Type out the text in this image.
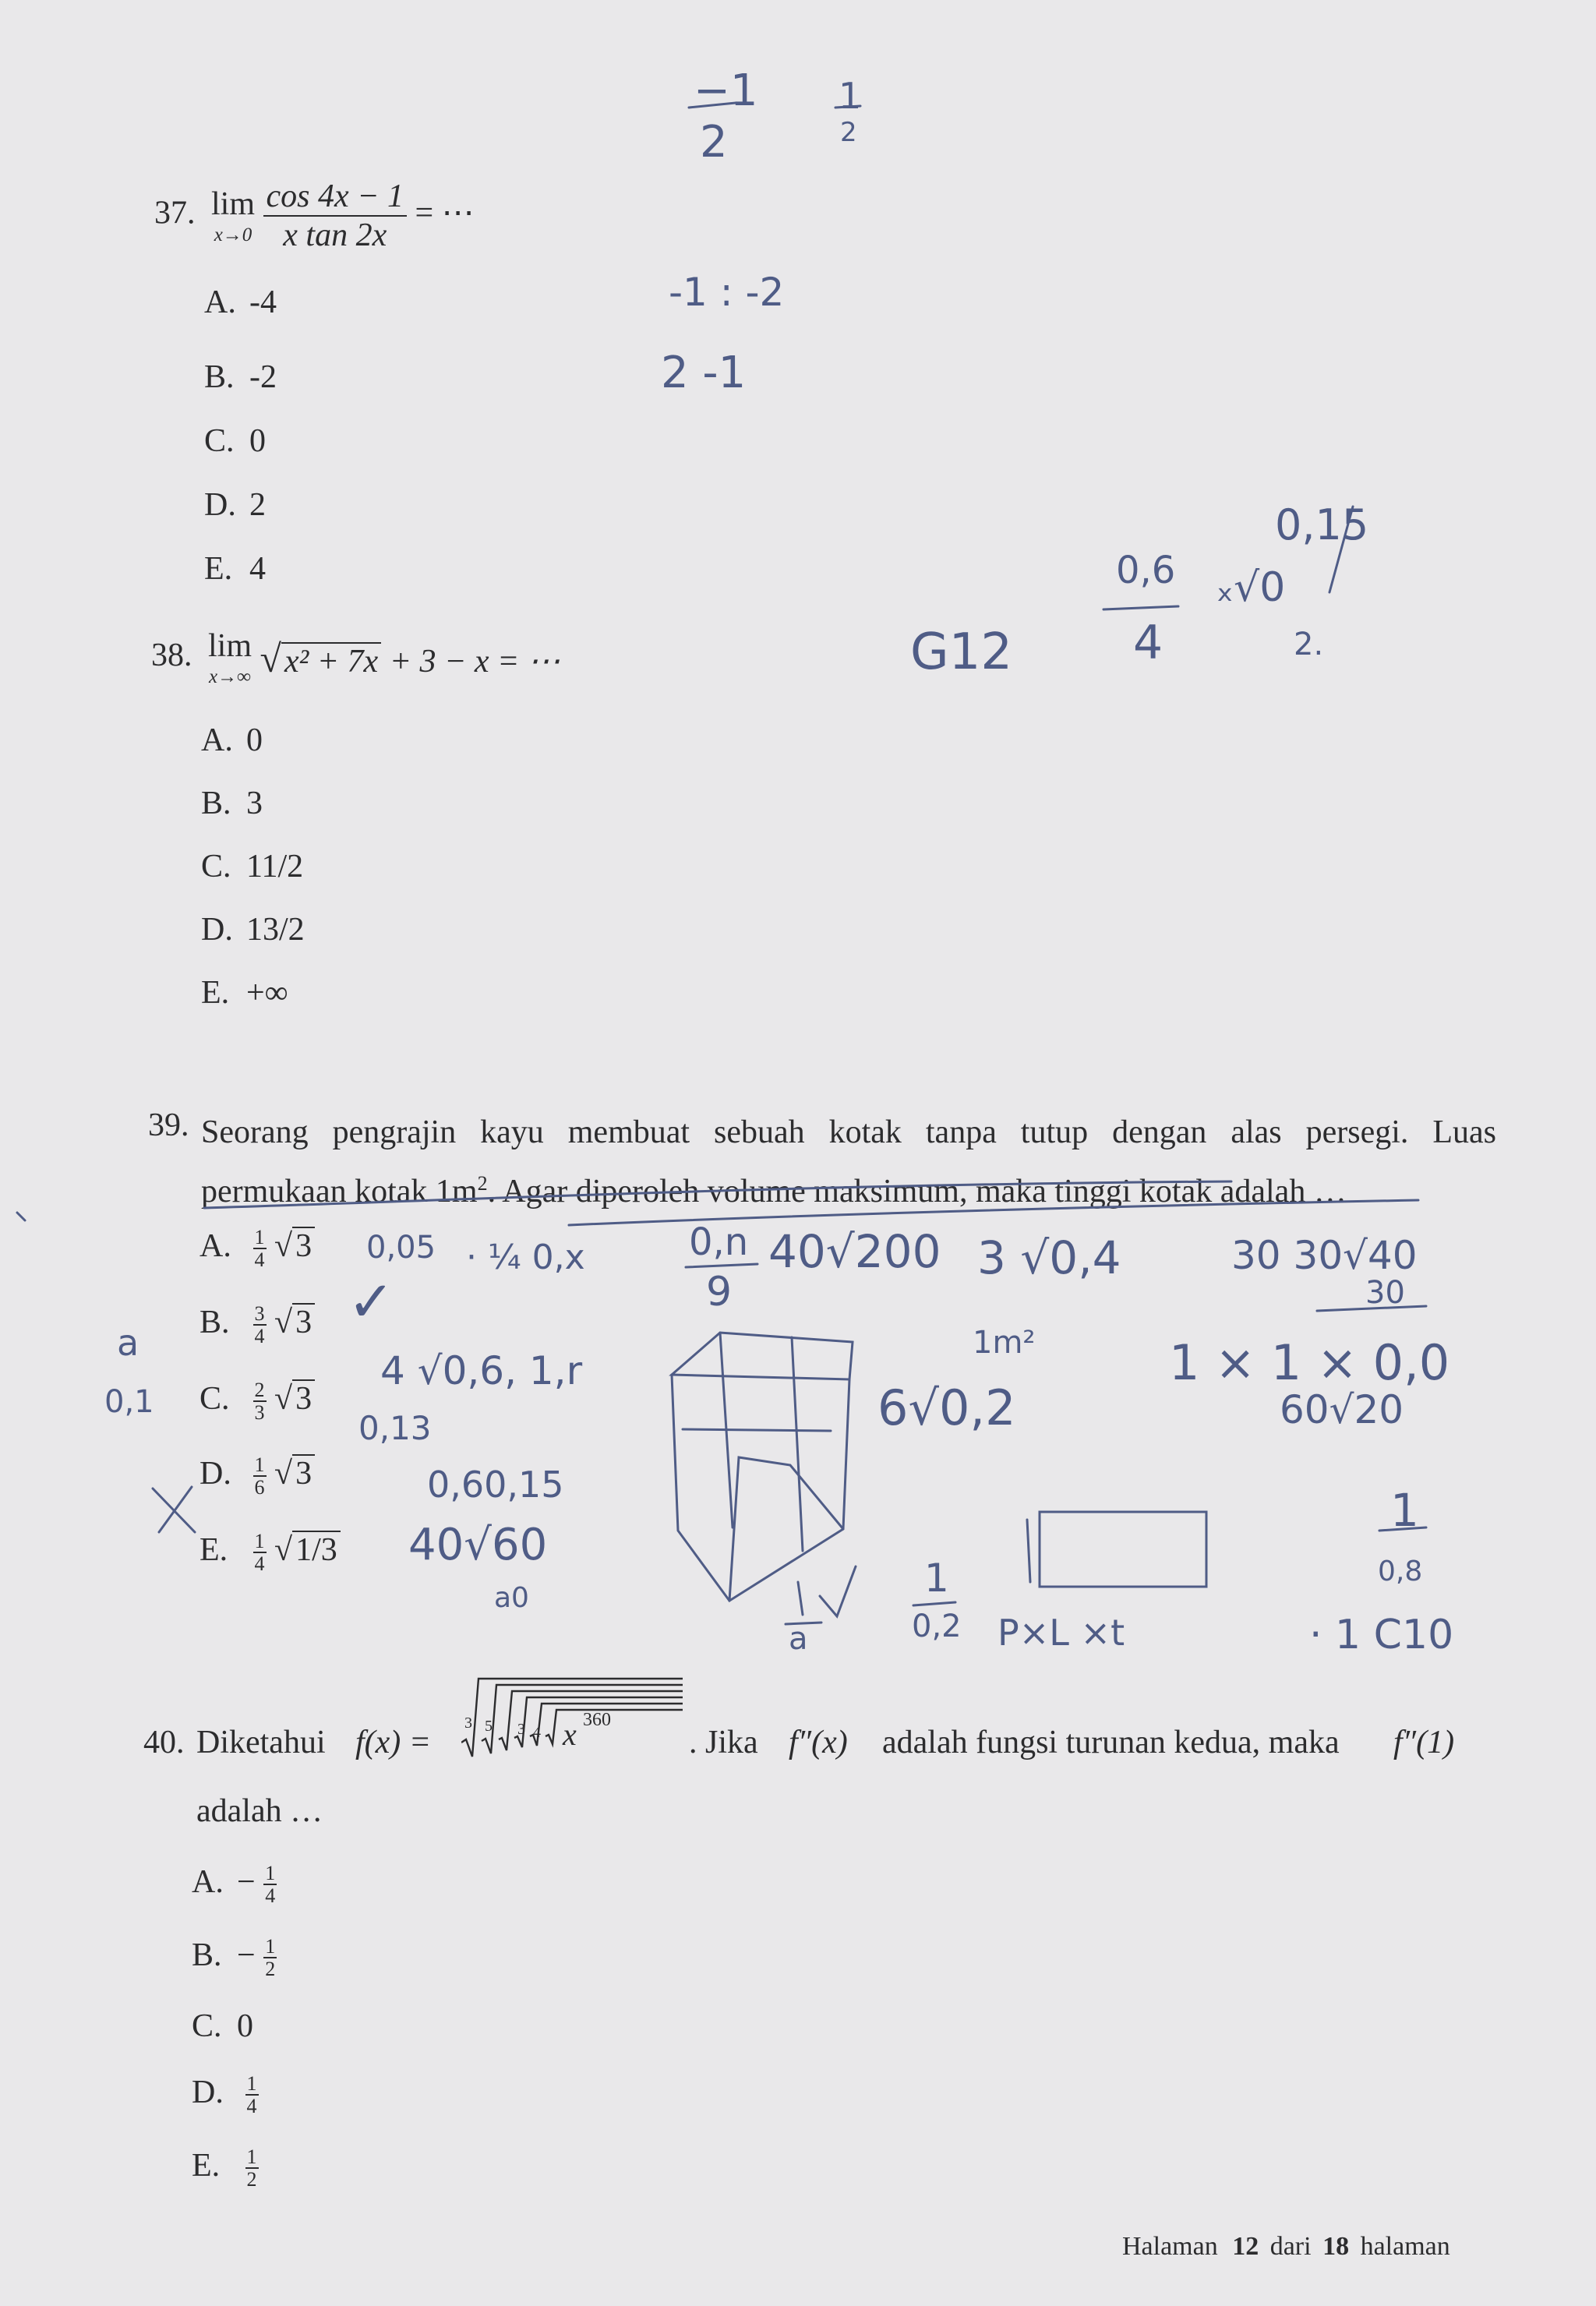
37. lim
x→0
$\frac{\cos 4x - 1}{\text{x tan 2x}}$ = ⋯
A. -4
B. -2
C. 0
D. 2
E. 4
38. lim
x→∞ √x² + 7x + 3 − x = ⋯
A. 0
B. 3
C. 11/2
D. 13/2
E. +∞
39. Seorang pengrajin kayu membuat sebuah kotak tanpa tutup dengan alas persegi. Luas
permukaan kotak $1m^2$. Agar diperoleh volume maksimum, maka tinggi kotak adalah …
A. $\frac{1}{4} √3$
B. $\frac{3}{4} √3$
C. $\frac{2}{3} √3$
D. $\frac{1}{6} √3$
E. $\frac{1}{4} √1/3$
40. Diketahui f(x) =
3 5 3 4 x 360
. Jika f″(x) adalah fungsi turunan kedua, maka f″(1)
adalah …
A. − $\frac{1}{4}$
B. − $\frac{1}{2}$
C. 0
D. $\frac{1}{4}$
E. $\frac{1}{2}$
Halaman 12 dari 18 halaman
−1
2
1
2
-1 : -2
2 -1
0,6
4
0,15
ₓ√0
2.
G12
0,05 · ¼ 0,x
✓
0,n
9
40√200 3 √0,4	30 30√40
30
a
0,1
4 √0,6, 1,r
0,13
0,60,15
40√60
a0
6√0,2
1m²	1 × 1 × 0,0
60√20
a
1
0,2 P×L ×t
1
0,8
· 1 C10
